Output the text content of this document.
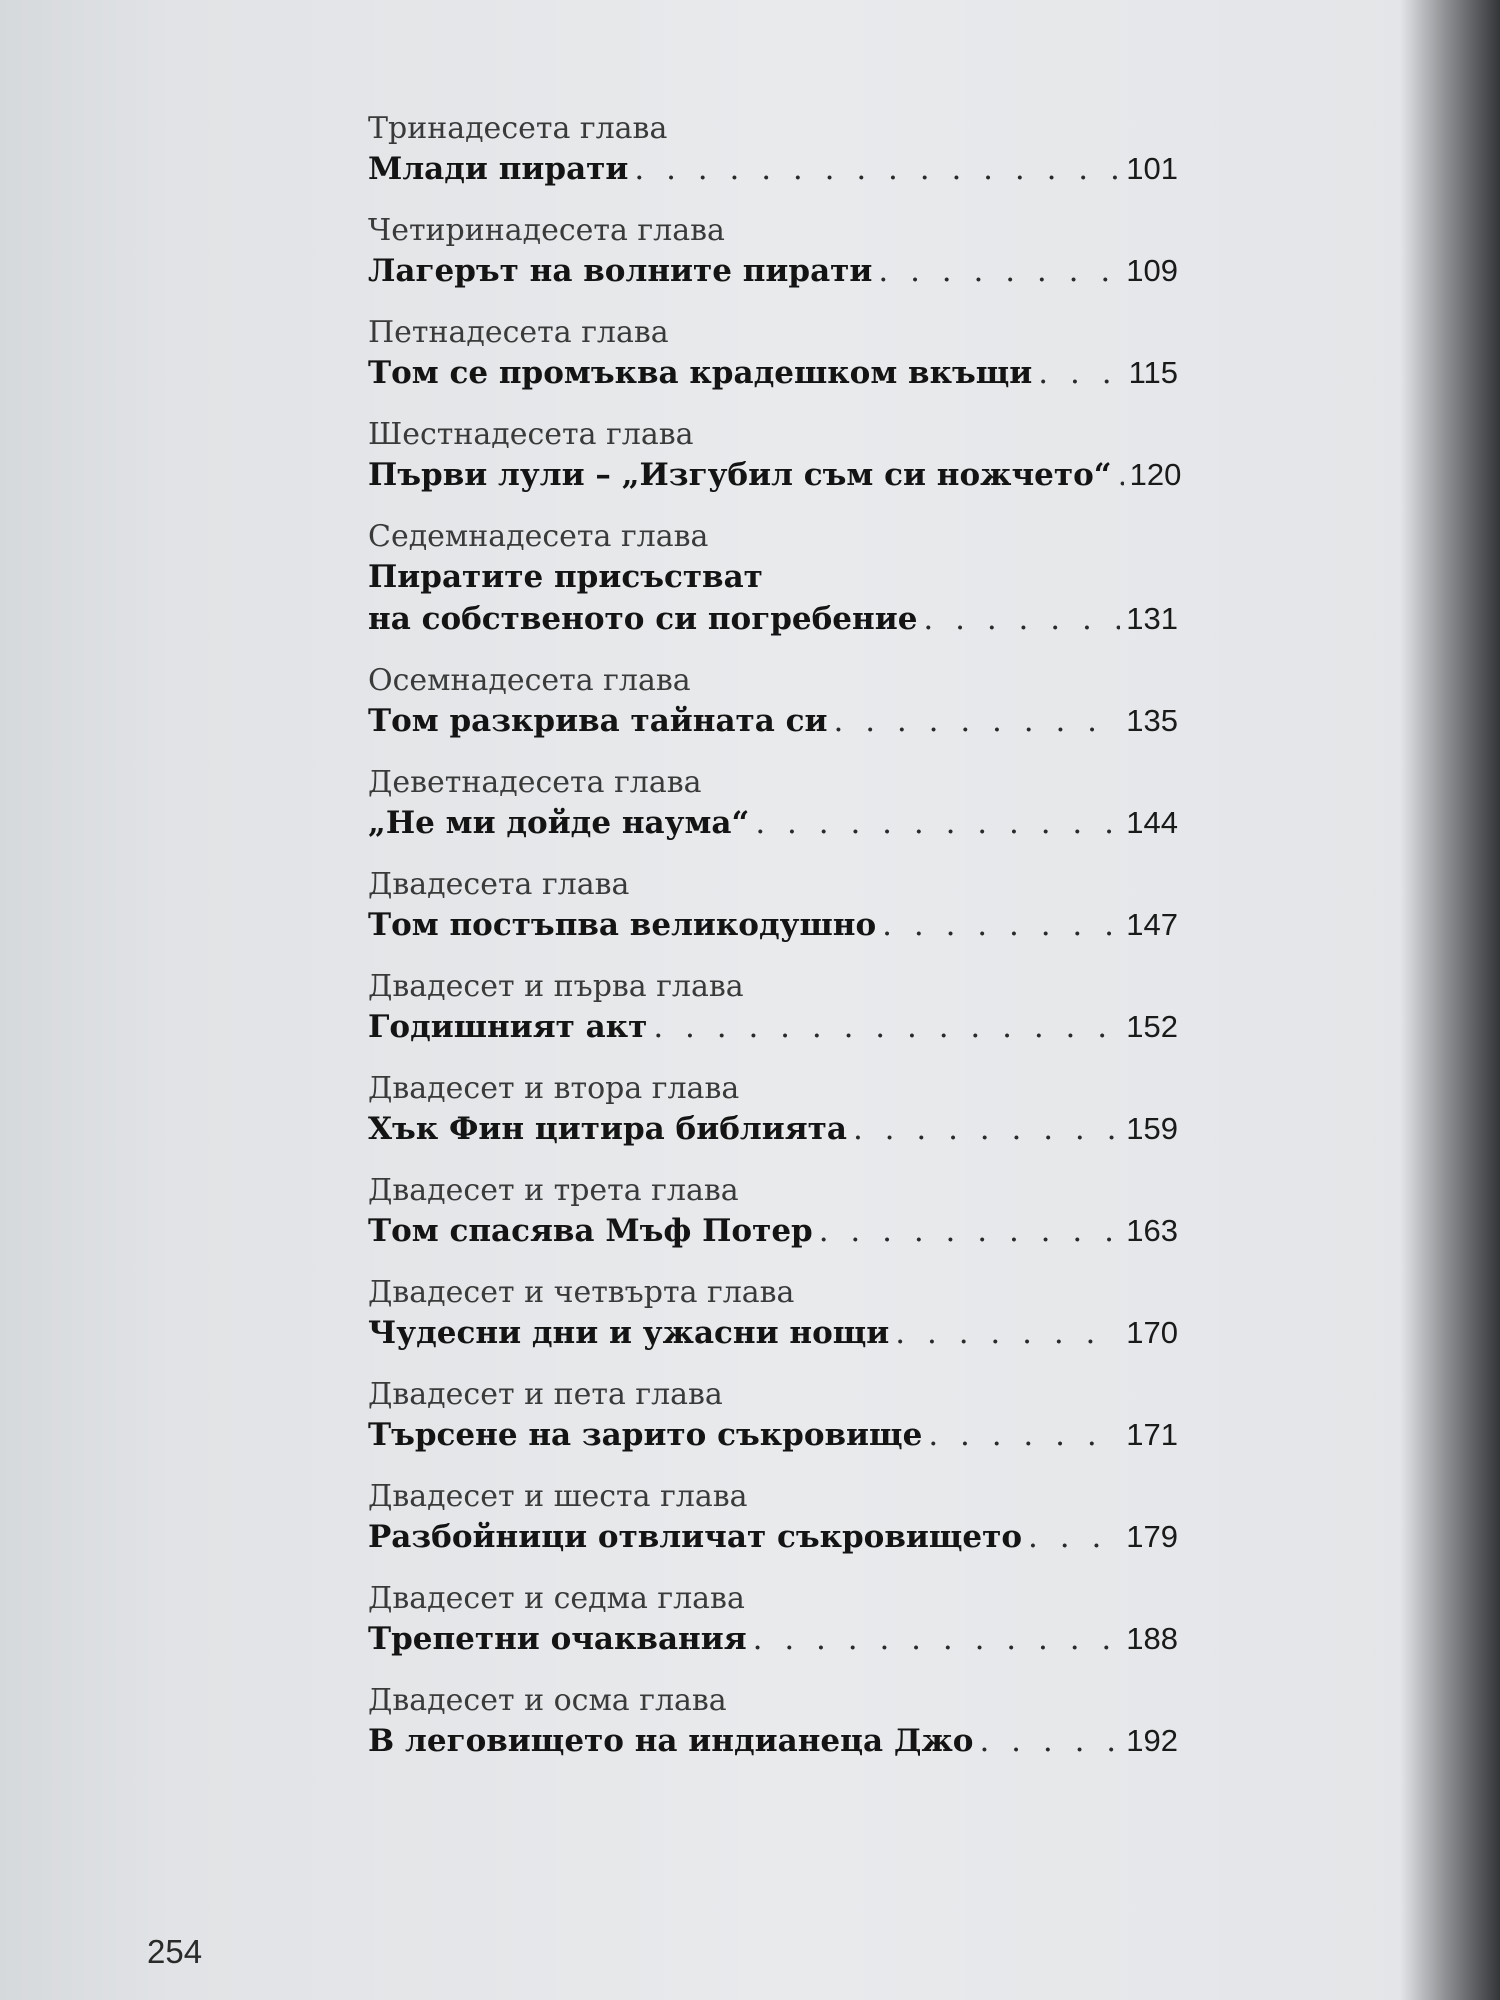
Тринадесета глава
Млади пирати . . .	101
Четиринадесета глава
Лагерът на волните пирати . . .	109
Петнадесета глава
Том се промъква крадешком вкъщи . . .	115
Шестнадесета глава
Първи лули – „Изгубил съм си ножчето“ . . . 120
Седемнадесета глава
Пиратите присъстват
на собственото си погребение . . .	131
Осемнадесета глава
Том разкрива тайната си . . .	135
Деветнадесета глава
„Не ми дойде наума“ . . .	144
Двадесета глава
Том постъпва великодушно . . .	147
Двадесет и първа глава
Годишният акт . . .	152
Двадесет и втора глава
Хък Фин цитира библията . . .	159
Двадесет и трета глава
Том спасява Мъф Потер . . .	163
Двадесет и четвърта глава
Чудесни дни и ужасни нощи . . .	170
Двадесет и пета глава
Търсене на зарито съкровище . . .	171
Двадесет и шеста глава
Разбойници отвличат съкровището . . .	179
Двадесет и седма глава
Трепетни очаквания . . .	188
Двадесет и осма глава
В леговището на индианеца Джо . . .	192
254
